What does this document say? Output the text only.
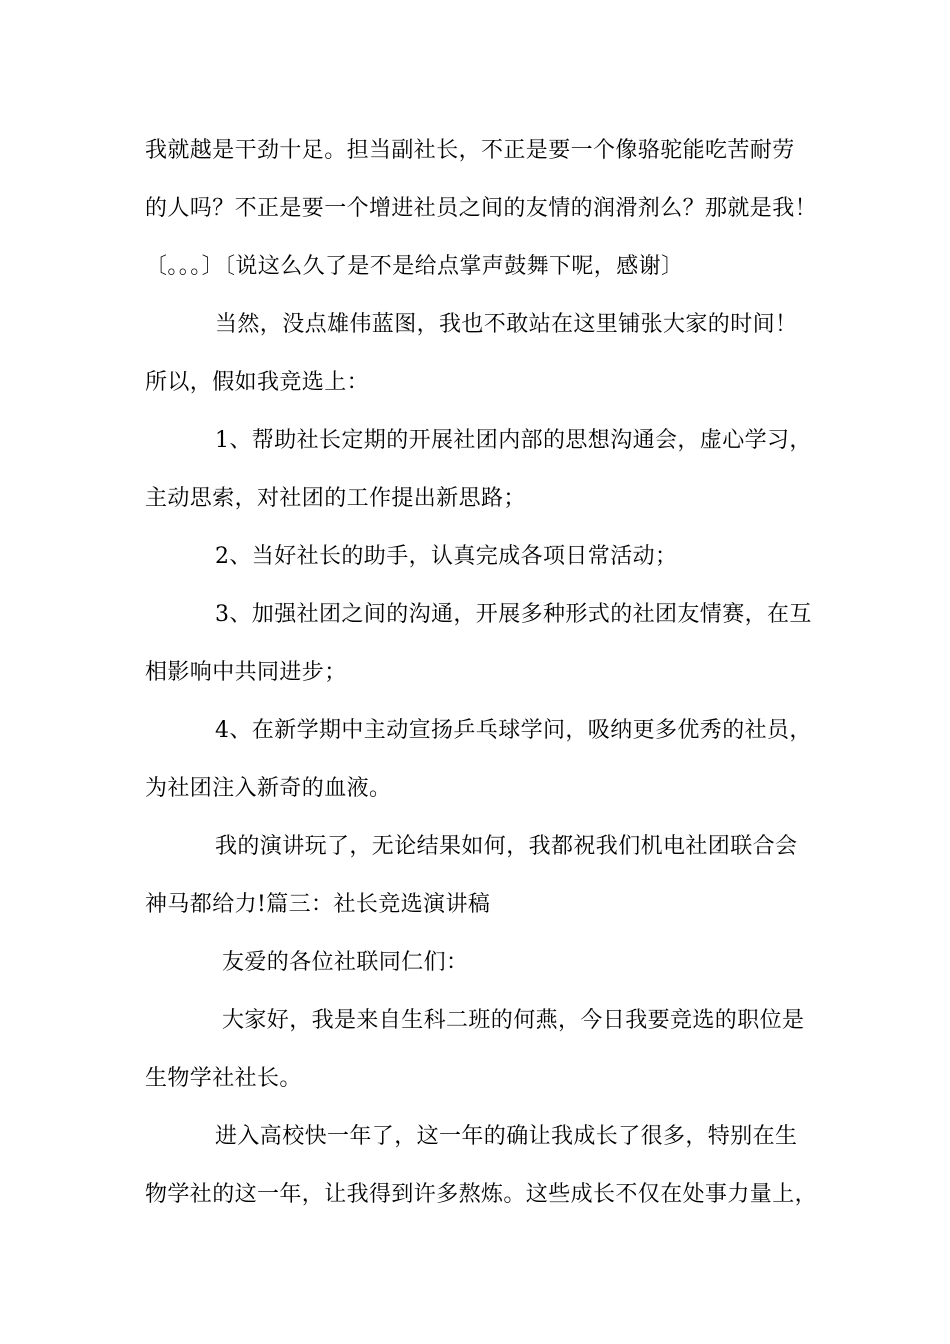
我就越是干劲十足。担当副社长，不正是要一个像骆驼能吃苦耐劳
的人吗？不正是要一个增进社员之间的友情的润滑剂么？那就是我！
〔。。。〕〔说这么久了是不是给点掌声鼓舞下呢，感谢〕
当然，没点雄伟蓝图，我也不敢站在这里铺张大家的时间！
所以，假如我竞选上：
1、帮助社长定期的开展社团内部的思想沟通会，虚心学习，
主动思索，对社团的工作提出新思路；
2、当好社长的助手，认真完成各项日常活动；
3、加强社团之间的沟通，开展多种形式的社团友情赛，在互
相影响中共同进步；
4、在新学期中主动宣扬乒乓球学问，吸纳更多优秀的社员，
为社团注入新奇的血液。
我的演讲玩了，无论结果如何，我都祝我们机电社团联合会
神马都给力!篇三：社长竞选演讲稿
友爱的各位社联同仁们：
大家好，我是来自生科二班的何燕，今日我要竞选的职位是
生物学社社长。
进入高校快一年了，这一年的确让我成长了很多，特别在生
物学社的这一年，让我得到许多熬炼。这些成长不仅在处事力量上，
